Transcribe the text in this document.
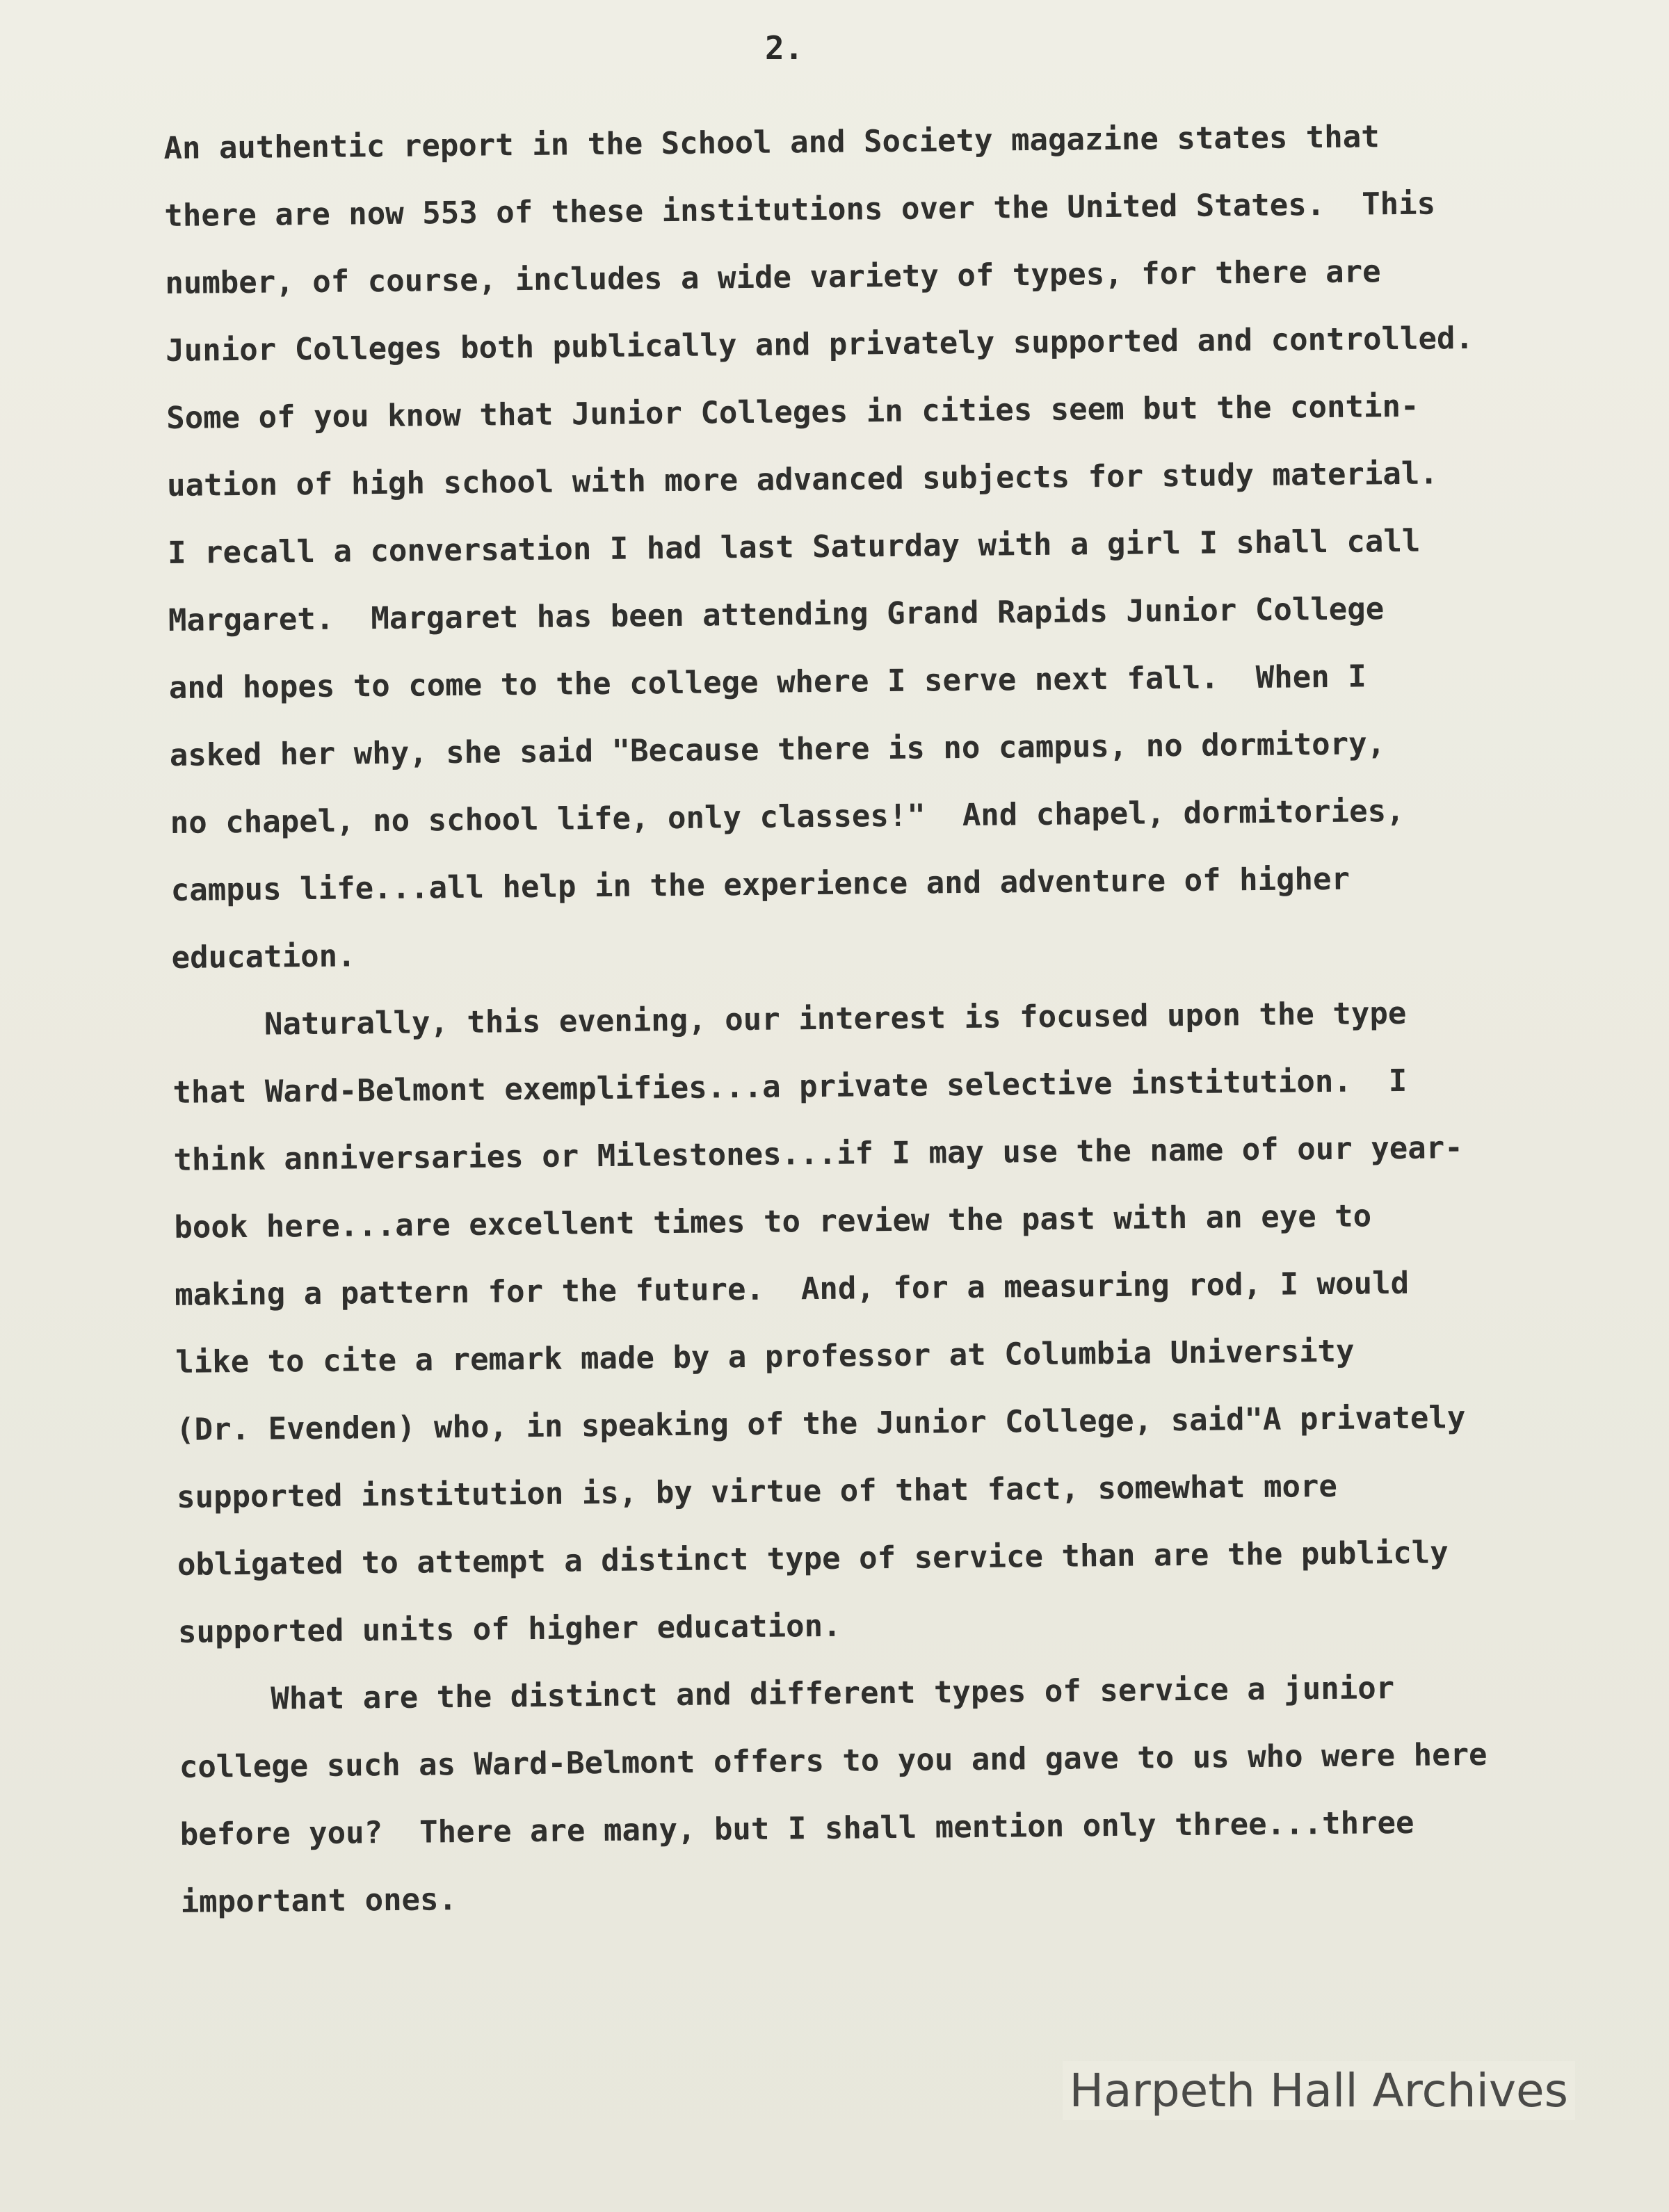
2.
An authentic report in the School and Society magazine states that
there are now 553 of these institutions over the United States.  This
number, of course, includes a wide variety of types, for there are
Junior Colleges both publically and privately supported and controlled.
Some of you know that Junior Colleges in cities seem but the contin-
uation of high school with more advanced subjects for study material.
I recall a conversation I had last Saturday with a girl I shall call
Margaret.  Margaret has been attending Grand Rapids Junior College
and hopes to come to the college where I serve next fall.  When I
asked her why, she said "Because there is no campus, no dormitory,
no chapel, no school life, only classes!"  And chapel, dormitories,
campus life...all help in the experience and adventure of higher
education.
Naturally, this evening, our interest is focused upon the type
that Ward-Belmont exemplifies...a private selective institution.  I
think anniversaries or Milestones...if I may use the name of our year-
book here...are excellent times to review the past with an eye to
making a pattern for the future.  And, for a measuring rod, I would
like to cite a remark made by a professor at Columbia University
(Dr. Evenden) who, in speaking of the Junior College, said"A privately
supported institution is, by virtue of that fact, somewhat more
obligated to attempt a distinct type of service than are the publicly
supported units of higher education.
What are the distinct and different types of service a junior
college such as Ward-Belmont offers to you and gave to us who were here
before you?  There are many, but I shall mention only three...three
important ones.
Harpeth Hall Archives
